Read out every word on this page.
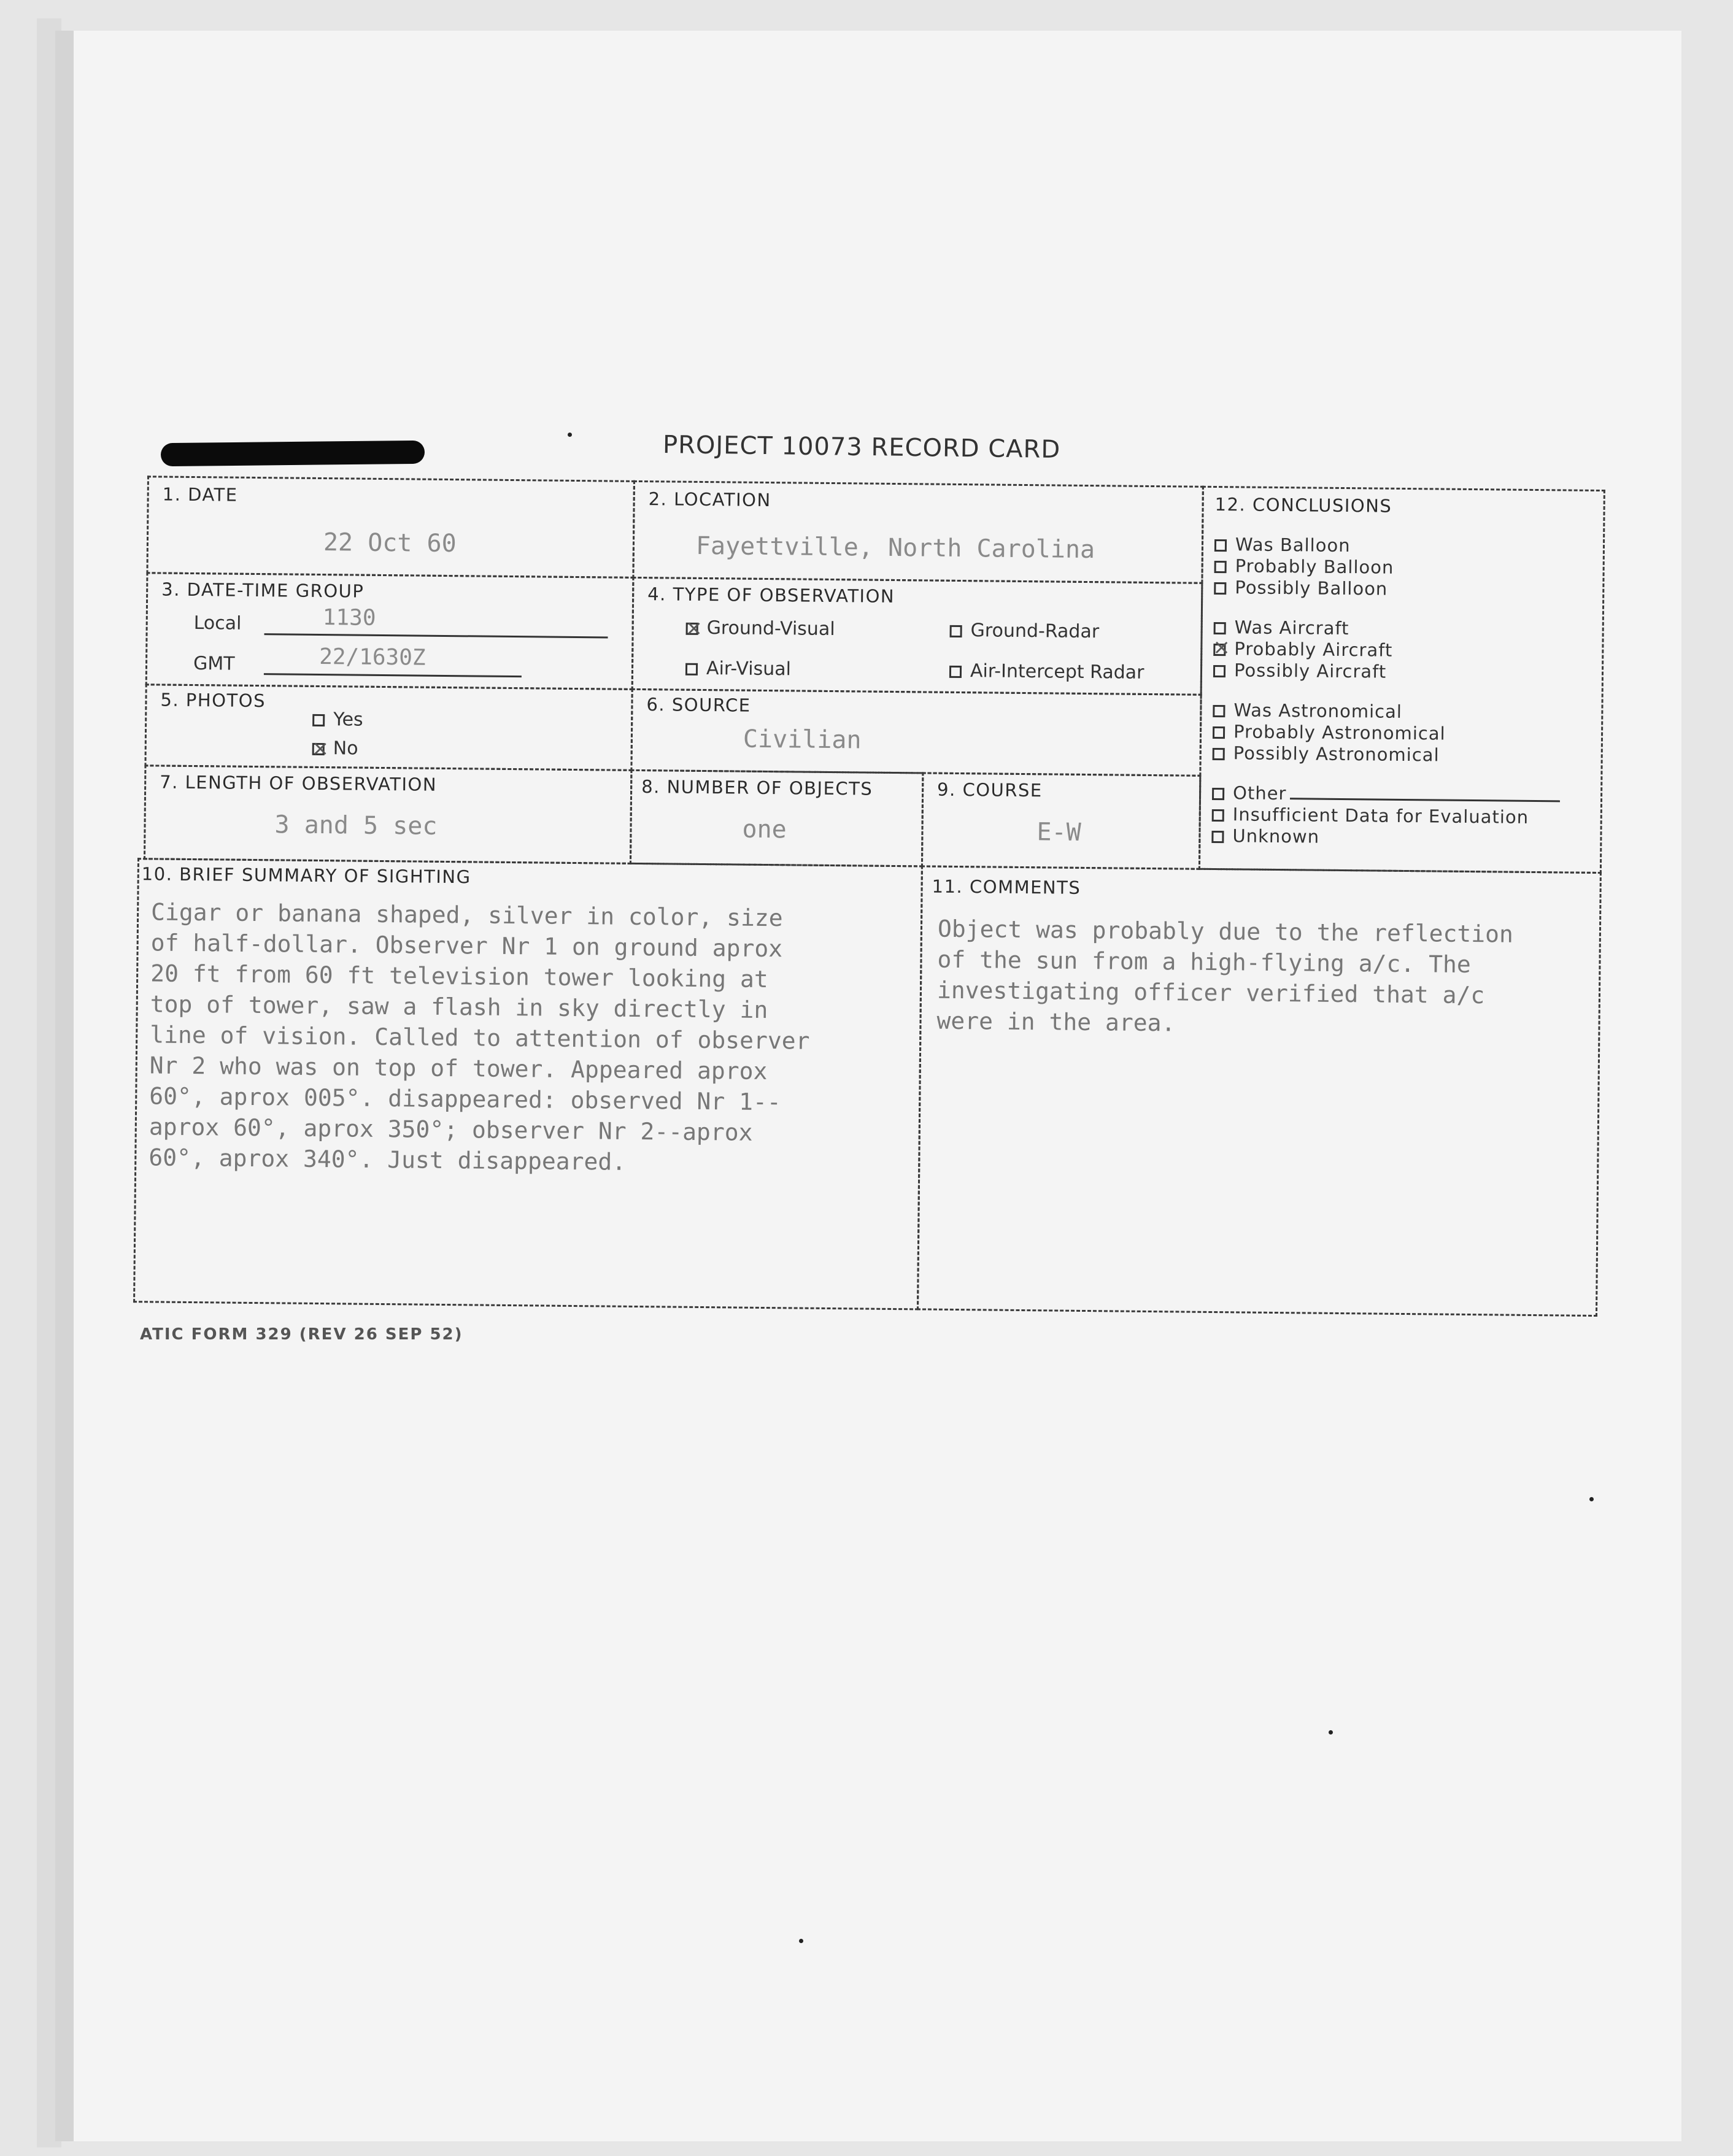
PROJECT 10073 RECORD CARD
1. DATE
22 Oct 60
2. LOCATION
Fayettville, North Carolina
3. DATE-TIME GROUP
Local	1130
GMT	22/1630Z
4. TYPE OF OBSERVATION
×Ground-Visual	Ground-Radar
Air-Visual	Air-Intercept Radar
5. PHOTOS
Yes
×No
6. SOURCE
Civilian
7. LENGTH OF OBSERVATION
3 and 5 sec
8. NUMBER OF OBJECTS
one
9. COURSE
E-W
12. CONCLUSIONS
Was Balloon
Probably Balloon
Possibly Balloon
Was Aircraft
×Probably Aircraft
Possibly Aircraft
Was Astronomical
Probably Astronomical
Possibly Astronomical
Other
Insufficient Data for Evaluation
Unknown
10. BRIEF SUMMARY OF SIGHTING
Cigar or banana shaped, silver in color, size
of half-dollar. Observer Nr 1 on ground aprox
20 ft from 60 ft television tower looking at
top of tower, saw a flash in sky directly in
line of vision. Called to attention of observer
Nr 2 who was on top of tower. Appeared aprox
60°, aprox 005°. disappeared: observed Nr 1--
aprox 60°, aprox 350°; observer Nr 2--aprox
60°, aprox 340°. Just disappeared.
11. COMMENTS
Object was probably due to the reflection
of the sun from a high-flying a/c. The
investigating officer verified that a/c
were in the area.
ATIC FORM 329 (REV 26 SEP 52)
